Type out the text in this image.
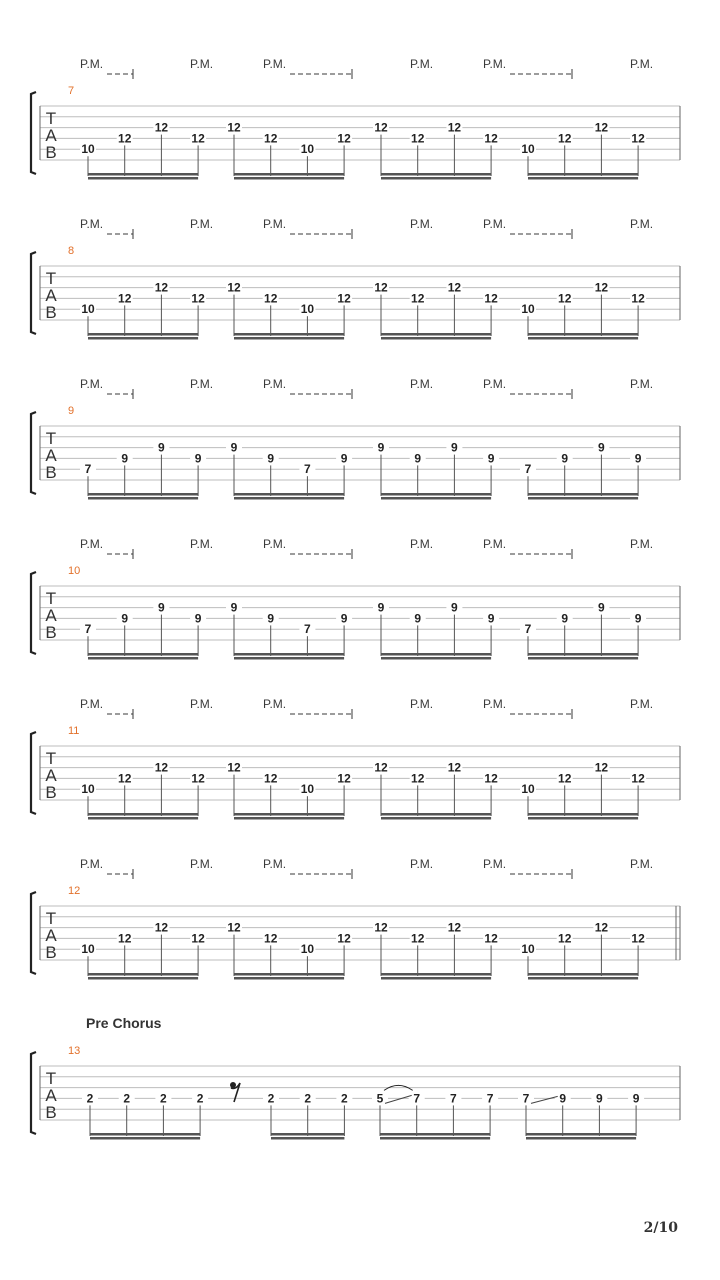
P.M.	P.M.	P.M.	P.M.	P.M.	P.M.
7
T
A
B 10
12
12
12
12
12
10
12
12
12
12
12
10
12
12
12
P.M.	P.M.	P.M.	P.M.	P.M.	P.M.
8
T
A
B 10
12
12
12
12
12
10
12
12
12
12
12
10
12
12
12
P.M.	P.M.	P.M.	P.M.	P.M.	P.M.
9
T
A
B 7
9
9
9
9
9
7
9
9
9
9
9
7
9
9
9
P.M.	P.M.	P.M.	P.M.	P.M.	P.M.
10
T
A
B 7
9
9
9
9
9
7
9
9
9
9
9
7
9
9
9
P.M.	P.M.	P.M.	P.M.	P.M.	P.M.
11
T
A
B 10
12
12
12
12
12
10
12
12
12
12
12
10
12
12
12
P.M.	P.M.	P.M.	P.M.	P.M.	P.M.
12
T
A
B 10
12
12
12
12
12
10
12
12
12
12
12
10
12
12
12
Pre Chorus
13
T
A
B
2	2	2	2	2	2	2 5	7	7	7 7	9	9	9
2/10
